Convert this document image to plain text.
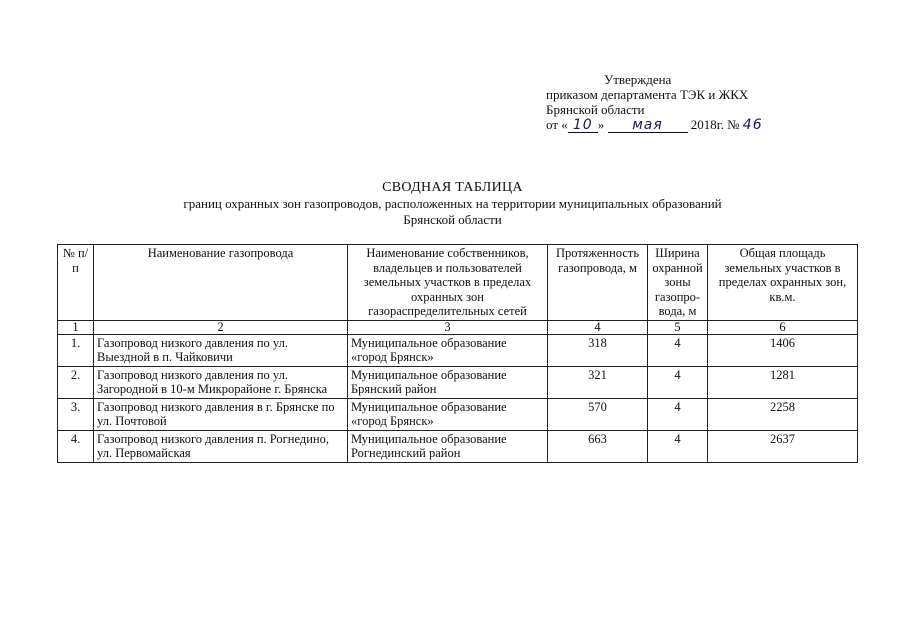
Утверждена
приказом департамента ТЭК и ЖКХ
Брянской области
от « 10 » мая 2018г. № 46
СВОДНАЯ ТАБЛИЦА
границ охранных зон газопроводов, расположенных на территории муниципальных образований
Брянской области
№ п/п	Наименование газопровода	Наименование собственников, владельцев и пользователей земельных участков в пределах охранных зон газораспределительных сетей	Протяженность газопровода, м	Ширина охранной зоны газопро-вода, м	Общая площадь земельных участков в пределах охранных зон, кв.м.
1	2	3	4	5	6
1.	Газопровод низкого давления по ул. Выездной в п. Чайковичи	Муниципальное образование «город Брянск»	318	4	1406
2.	Газопровод низкого давления по ул. Загородной в 10-м Микрорайоне г. Брянска	Муниципальное образование Брянский район	321	4	1281
3.	Газопровод низкого давления в г. Брянске по ул. Почтовой	Муниципальное образование «город Брянск»	570	4	2258
4.	Газопровод низкого давления п. Рогнедино, ул. Первомайская	Муниципальное образование Рогнединский район	663	4	2637
